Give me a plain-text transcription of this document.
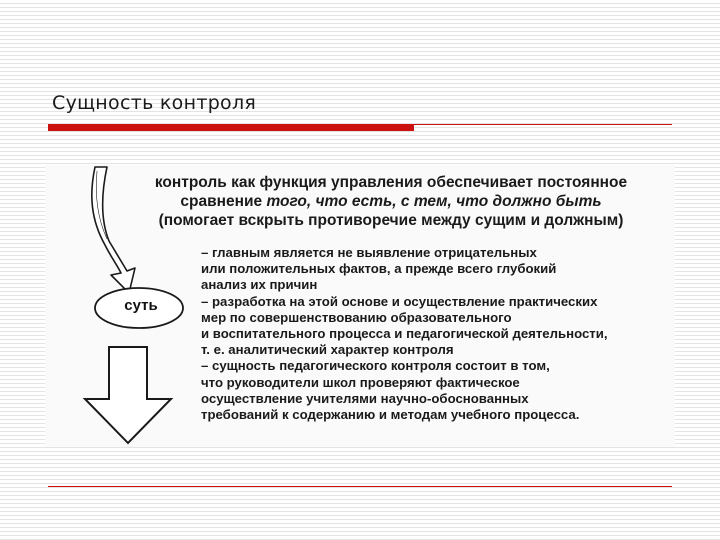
Сущность контроля
контроль как функция управления обеспечивает постоянное
сравнение того, что есть, с тем, что должно быть
(помогает вскрыть противоречие между сущим и должным)
суть
– главным является не выявление отрицательных
или положительных фактов, а прежде всего глубокий
анализ их причин
– разработка на этой основе и осуществление практических
мер по совершенствованию образовательного
и воспитательного процесса и педагогической деятельности,
т. е. аналитический характер контроля
– сущность педагогического контроля состоит в том,
что руководители школ проверяют фактическое
осуществление учителями научно-обоснованных
требований к содержанию и методам учебного процесса.
